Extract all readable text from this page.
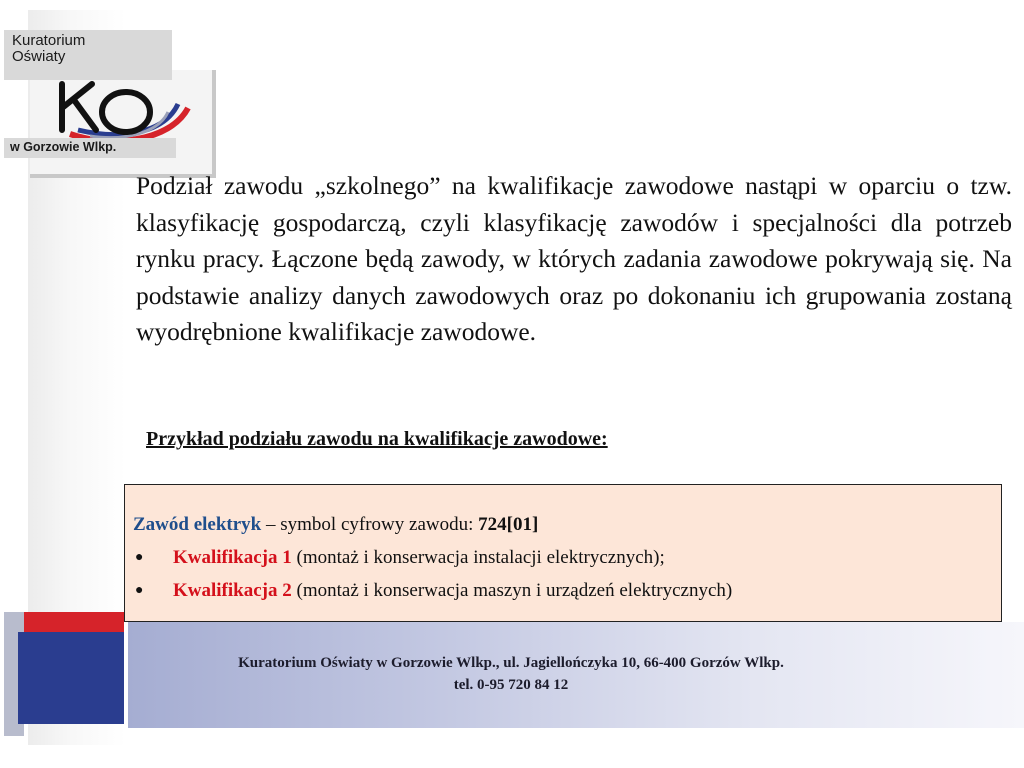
Kuratorium
Oświaty
w Gorzowie Wlkp.
Podział zawodu „szkolnego” na kwalifikacje zawodowe nastąpi w oparciu o tzw. klasyfikację gospodarczą, czyli klasyfikację zawodów i specjalności dla potrzeb rynku pracy. Łączone będą zawody, w których zadania zawodowe pokrywają się. Na podstawie analizy danych zawodowych oraz po dokonaniu ich grupowania zostaną wyodrębnione kwalifikacje zawodowe.
Przykład podziału zawodu na kwalifikacje zawodowe:
Zawód elektryk – symbol cyfrowy zawodu: 724[01]
● Kwalifikacja 1 (montaż i konserwacja instalacji elektrycznych);
● Kwalifikacja 2 (montaż i konserwacja maszyn i urządzeń elektrycznych)
Kuratorium Oświaty w Gorzowie Wlkp., ul. Jagiellończyka 10, 66-400 Gorzów Wlkp.
tel. 0-95 720 84 12
